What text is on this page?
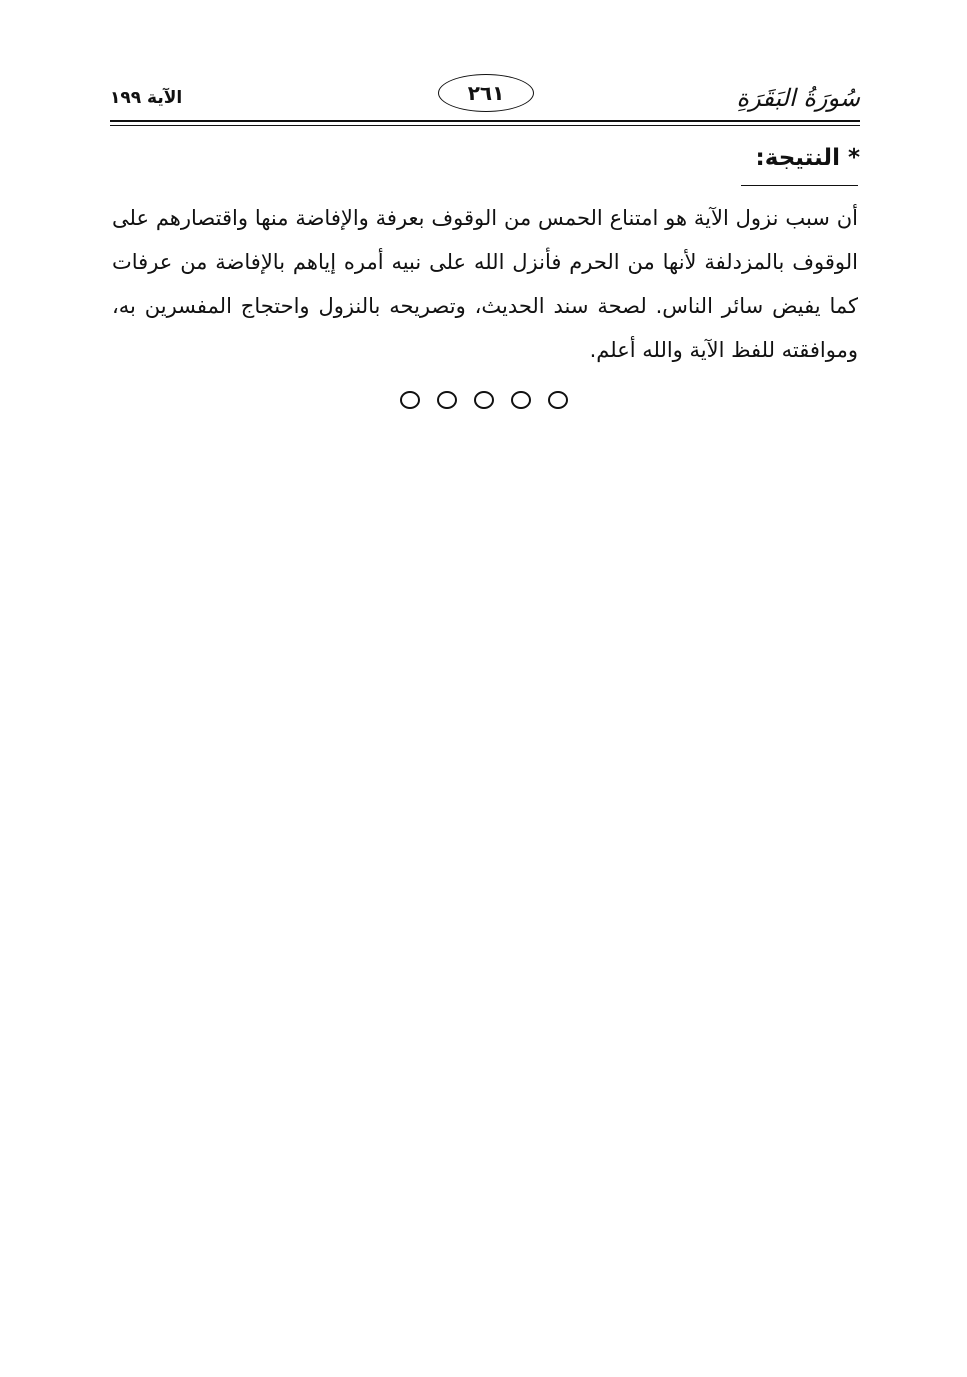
سُورَةُ البَقَرَةِ
٢٦١
الآية ١٩٩
* النتيجة:
أن سبب نزول الآية هو امتناع الحمس من الوقوف بعرفة والإفاضة منها واقتصارهم على الوقوف بالمزدلفة لأنها من الحرم فأنزل الله على نبيه أمره إياهم بالإفاضة من عرفات كما يفيض سائر الناس. لصحة سند الحديث، وتصريحه بالنزول واحتجاج المفسرين به، وموافقته للفظ الآية والله أعلم.
